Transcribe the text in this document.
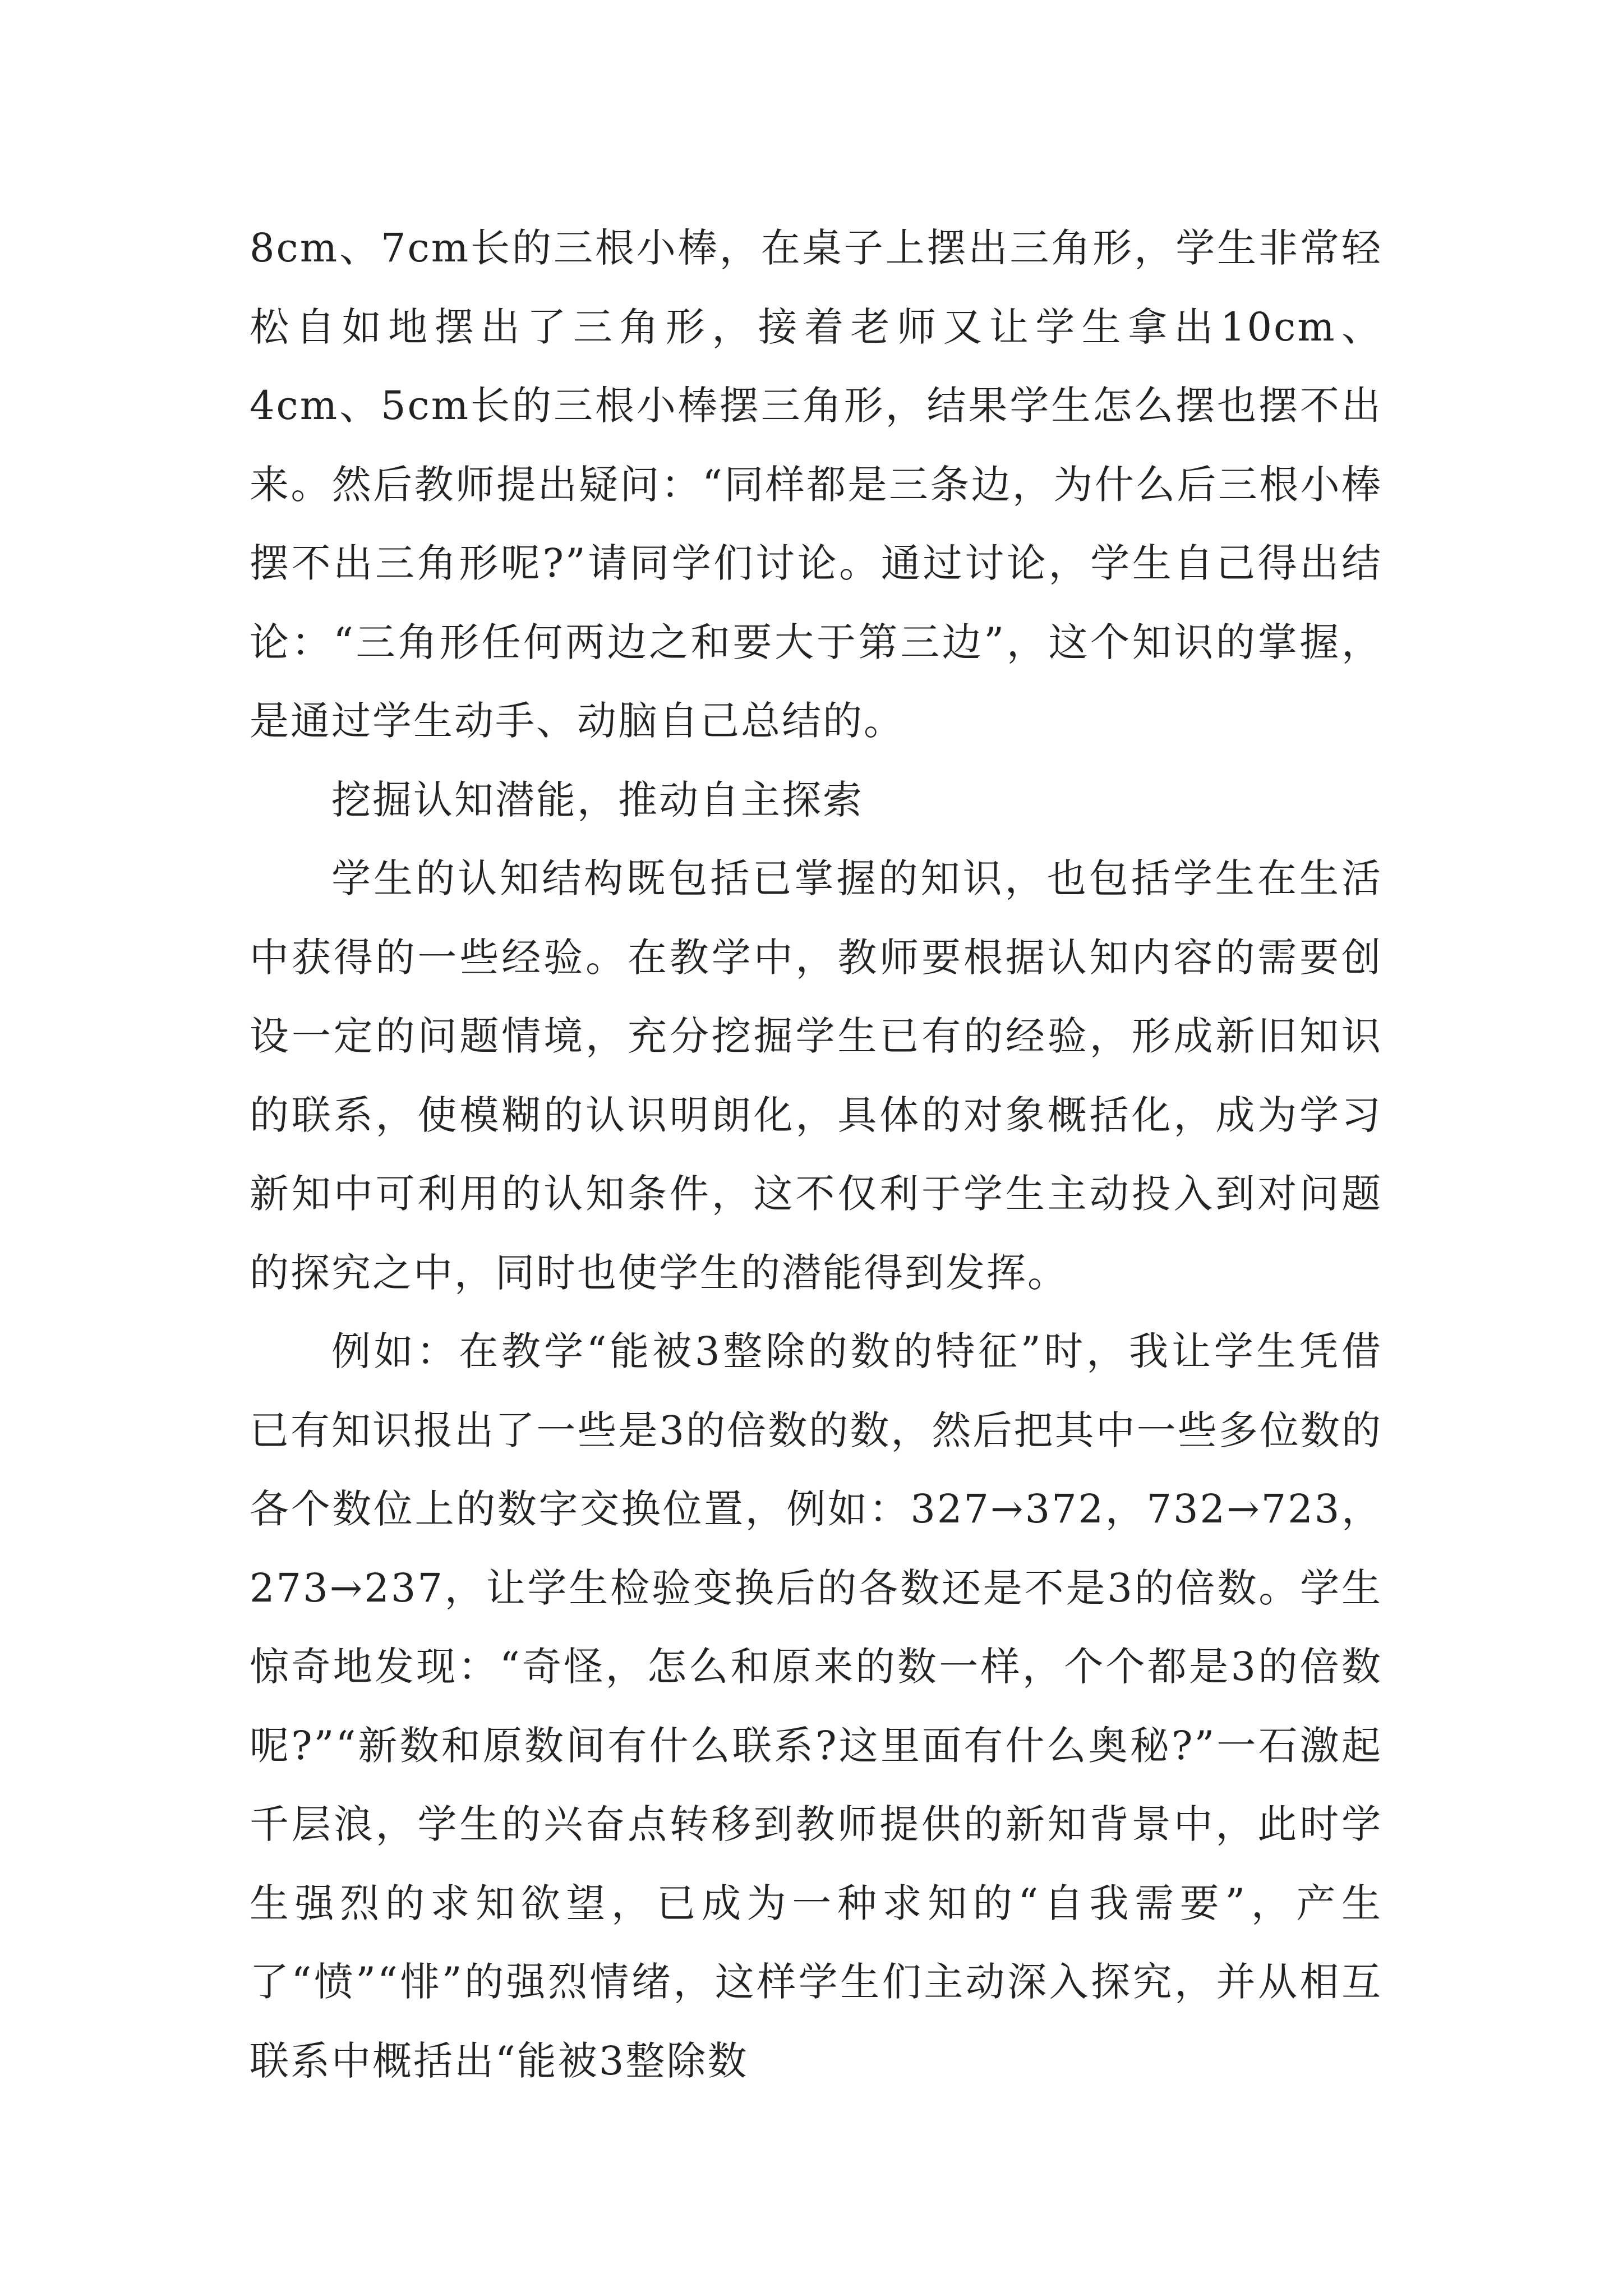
8cm、7cm长的三根小棒，在桌子上摆出三角形，学生非常轻松自如地摆出了三角形，接着老师又让学生拿出10cm、4cm、5cm长的三根小棒摆三角形，结果学生怎么摆也摆不出来。然后教师提出疑问：“同样都是三条边，为什么后三根小棒摆不出三角形呢?”请同学们讨论。通过讨论，学生自己得出结论：“三角形任何两边之和要大于第三边”，这个知识的掌握，是通过学生动手、动脑自己总结的。

挖掘认知潜能，推动自主探索

学生的认知结构既包括已掌握的知识，也包括学生在生活中获得的一些经验。在教学中，教师要根据认知内容的需要创设一定的问题情境，充分挖掘学生已有的经验，形成新旧知识的联系，使模糊的认识明朗化，具体的对象概括化，成为学习新知中可利用的认知条件，这不仅利于学生主动投入到对问题的探究之中，同时也使学生的潜能得到发挥。

例如：在教学“能被3整除的数的特征”时，我让学生凭借已有知识报出了一些是3的倍数的数，然后把其中一些多位数的各个数位上的数字交换位置，例如：327→372，732→723，273→237，让学生检验变换后的各数还是不是3的倍数。学生惊奇地发现：“奇怪，怎么和原来的数一样，个个都是3的倍数呢?”“新数和原数间有什么联系?这里面有什么奥秘?”一石激起千层浪，学生的兴奋点转移到教师提供的新知背景中，此时学生强烈的求知欲望，已成为一种求知的“自我需要”，产生了“愤”“悱”的强烈情绪，这样学生们主动深入探究，并从相互联系中概括出“能被3整除数
